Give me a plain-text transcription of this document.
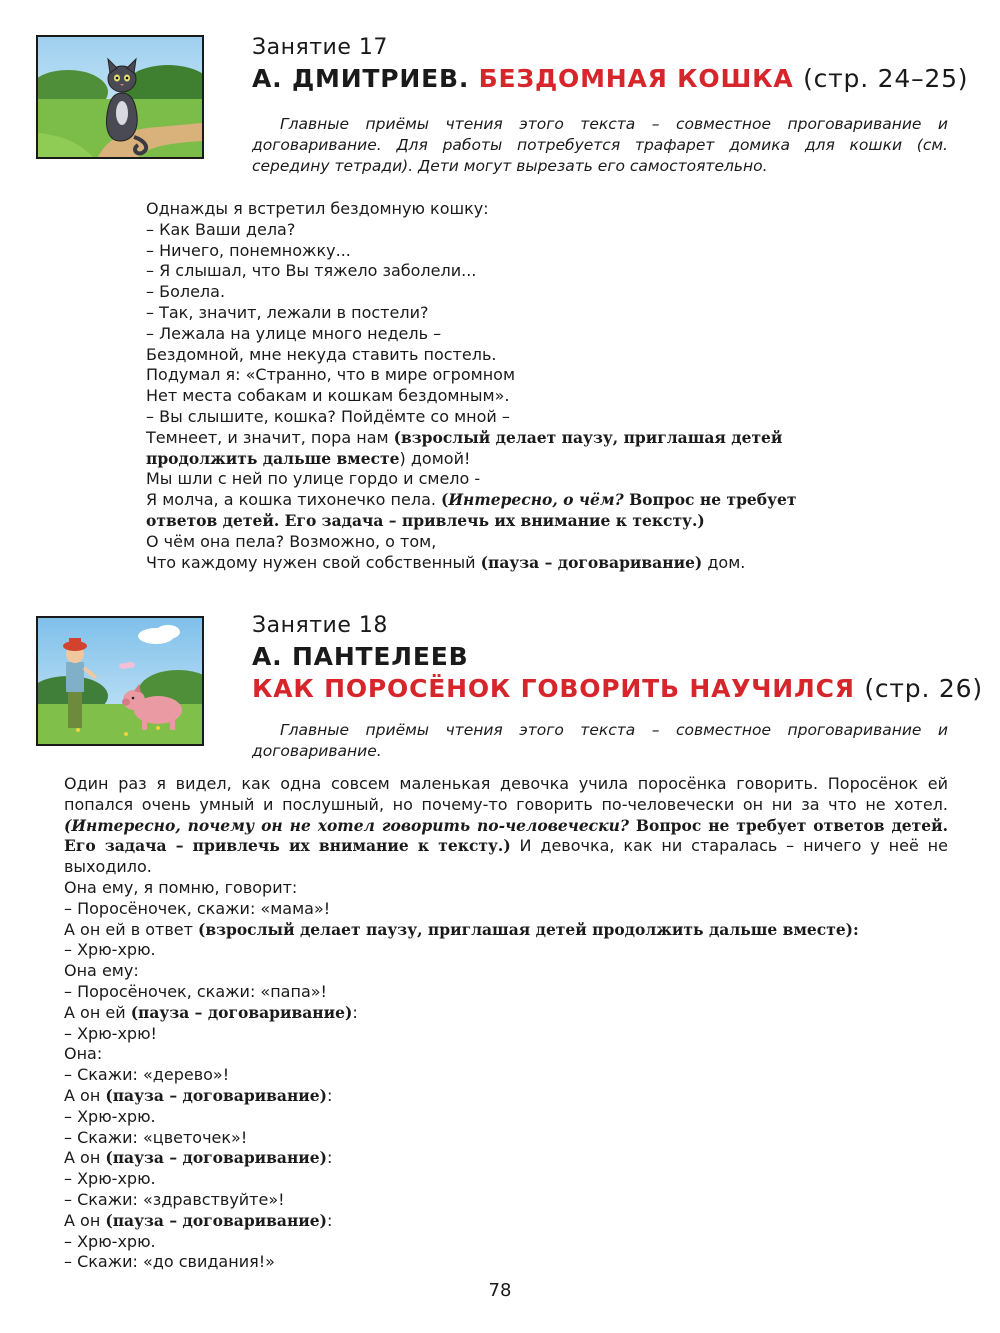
Занятие 17
А. ДМИТРИЕВ. БЕЗДОМНАЯ КОШКА (стр. 24–25)
Главные приёмы чтения этого текста – совместное проговаривание и договаривание. Для работы потребуется трафарет домика для кошки (см. середину тетради). Дети могут вырезать его самостоятельно.
Однажды я встретил бездомную кошку:
– Как Ваши дела?
– Ничего, понемножку...
– Я слышал, что Вы тяжело заболели...
– Болела.
– Так, значит, лежали в постели?
– Лежала на улице много недель –
Бездомной, мне некуда ставить постель.
Подумал я: «Странно, что в мире огромном
Нет места собакам и кошкам бездомным».
– Вы слышите, кошка? Пойдёмте со мной –
Темнеет, и значит, пора нам (взрослый делает паузу, приглашая детей
продолжить дальше вместе) домой!
Мы шли с ней по улице гордо и смело -
Я молча, а кошка тихонечко пела. (Интересно, о чём? Вопрос не требует
ответов детей. Его задача – привлечь их внимание к тексту.)
О чём она пела? Возможно, о том,
Что каждому нужен свой собственный (пауза – договаривание) дом.
Занятие 18
А. ПАНТЕЛЕЕВ
КАК ПОРОСЁНОК ГОВОРИТЬ НАУЧИЛСЯ (стр. 26)
Главные приёмы чтения этого текста – совместное проговаривание и договаривание.
Один раз я видел, как одна совсем маленькая девочка учила поросёнка говорить. Поросёнок ей попался очень умный и послушный, но почему-то говорить по-человечески он ни за что не хотел. (Интересно, почему он не хотел говорить по-человечески? Вопрос не требует ответов детей. Его задача – привлечь их внимание к тексту.) И девочка, как ни старалась – ничего у неё не выходило.
Она ему, я помню, говорит:
– Поросёночек, скажи: «мама»!
А он ей в ответ (взрослый делает паузу, приглашая детей продолжить дальше вместе):
– Хрю-хрю.
Она ему:
– Поросёночек, скажи: «папа»!
А он ей (пауза – договаривание):
– Хрю-хрю!
Она:
– Скажи: «дерево»!
А он (пауза – договаривание):
– Хрю-хрю.
– Скажи: «цветочек»!
А он (пауза – договаривание):
– Хрю-хрю.
– Скажи: «здравствуйте»!
А он (пауза – договаривание):
– Хрю-хрю.
– Скажи: «до свидания!»
78
